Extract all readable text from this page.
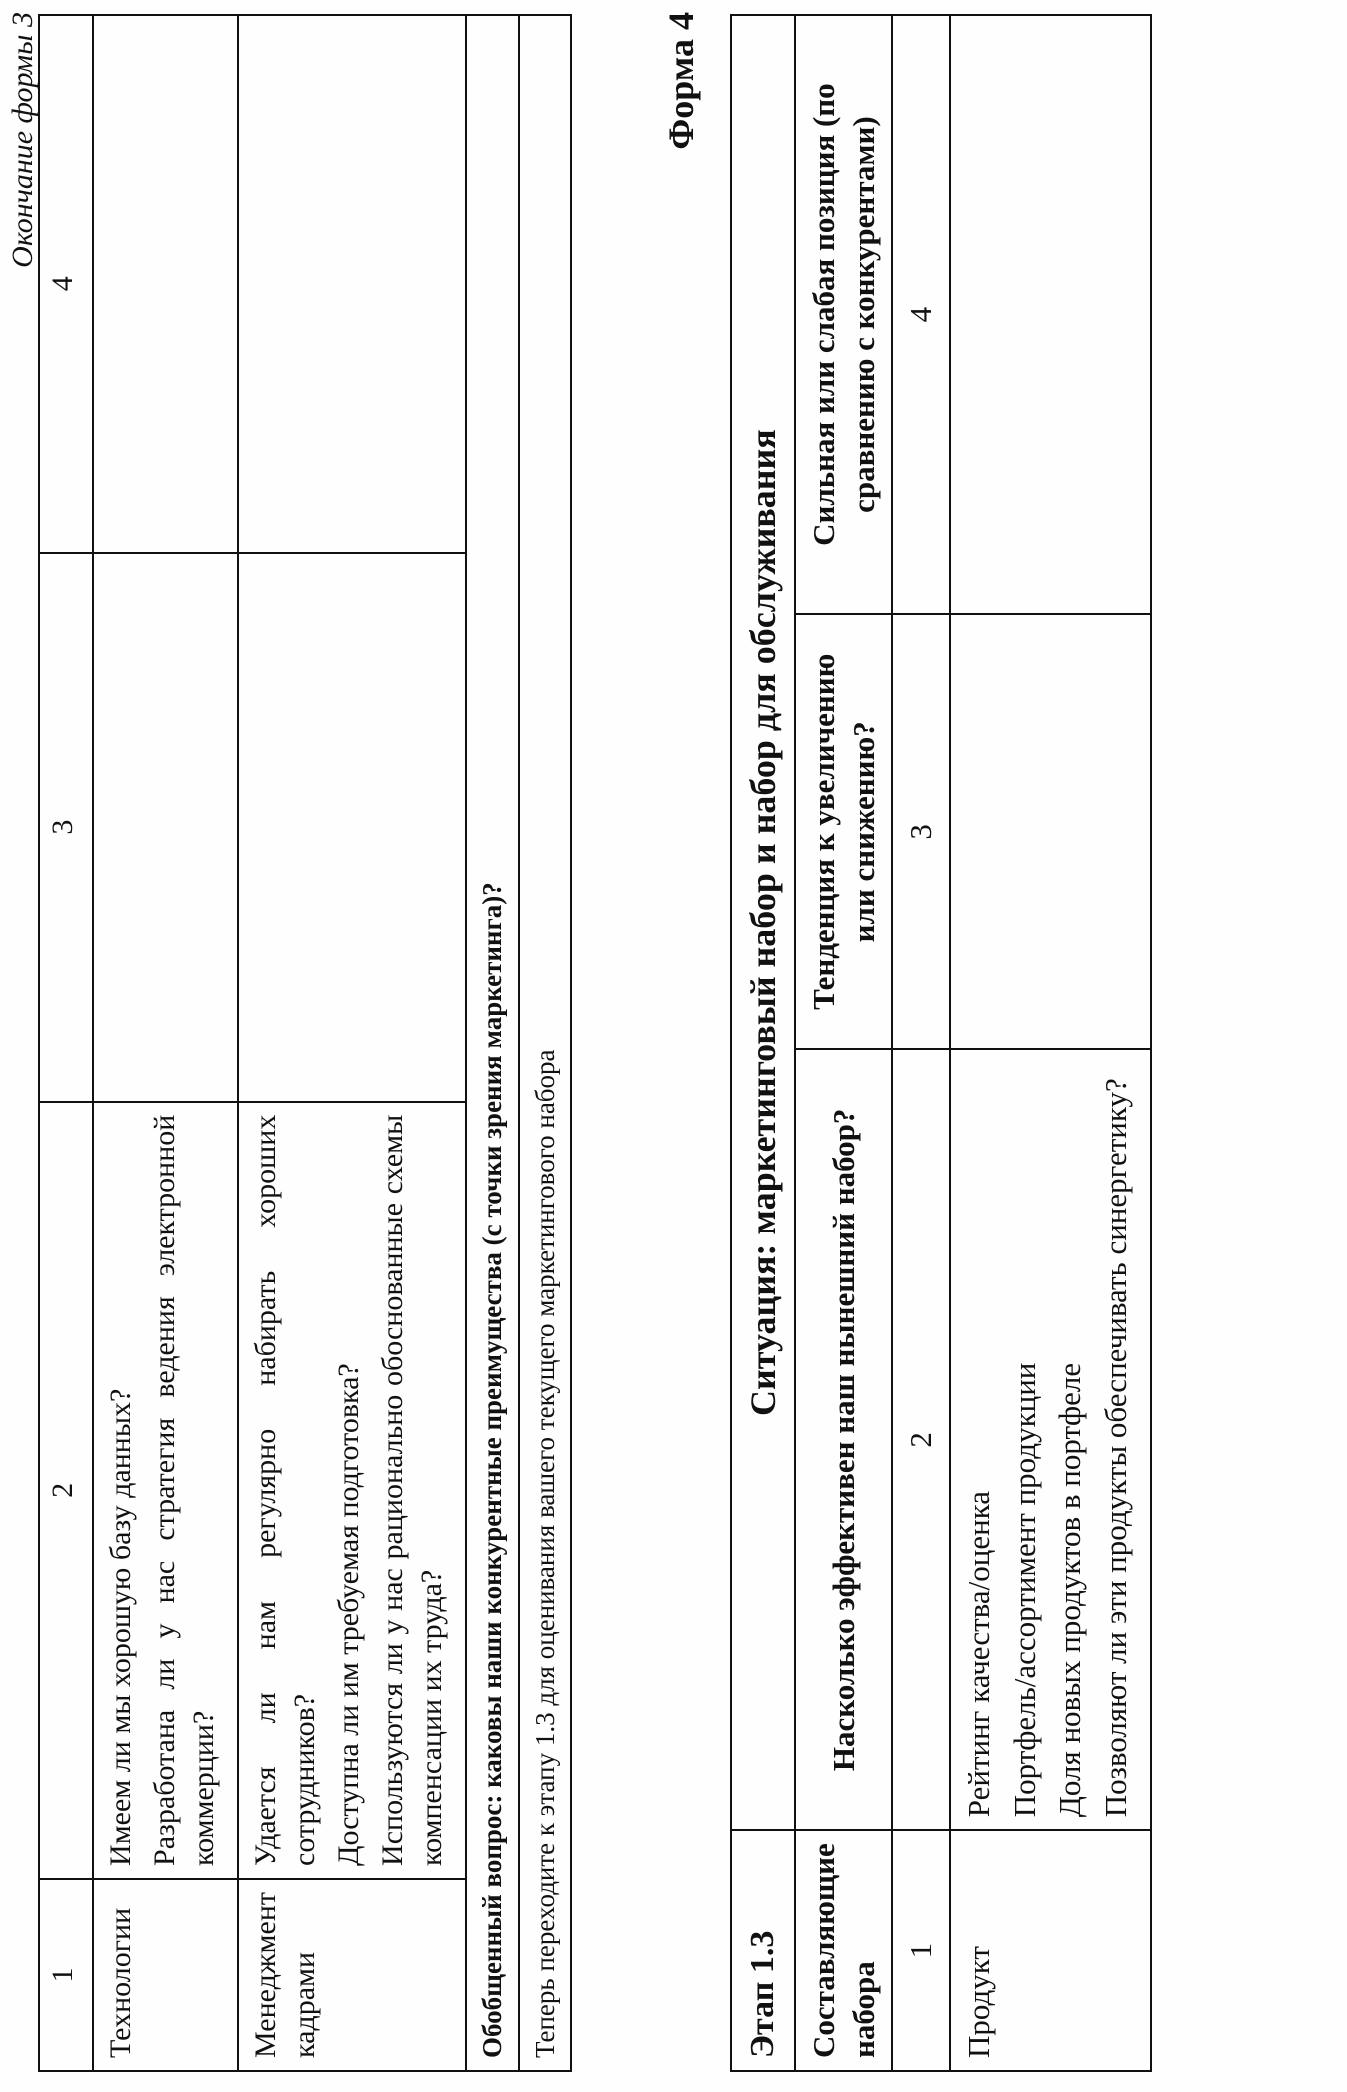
Окончание формы 3
1	2	3	4
Технологии	Имеем ли мы хорошую базу данных? Разработана ли у нас стратегия ведения электронной коммерции?		

Менеджмент кадрами	Удается ли нам регулярно набирать хороших сотрудников? Доступна ли им требуемая подготовка? Используются ли у нас рационально обоснованные схемы компенсации их труда?		

Обобщенный вопрос: каковы наши конкурентные преимущества (с точки зрения маркетинга)?			
Теперь переходите к этапу 1.3 для оценивания вашего текущего маркетингового набора			
Форма 4
Этап 1.3	Ситуация: маркетинговый набор и набор для обслуживания		
Составляющие набора	Насколько эффективен наш нынешний набор?	Тенденция к увеличению или снижению?	Сильная или слабая позиция (по сравнению с конкурентами)
1	2	3	4
Продукт	Рейтинг качества/оценка Портфель/ассортимент продукции Доля новых продуктов в портфеле Позволяют ли эти продукты обеспечивать синергетику?		
